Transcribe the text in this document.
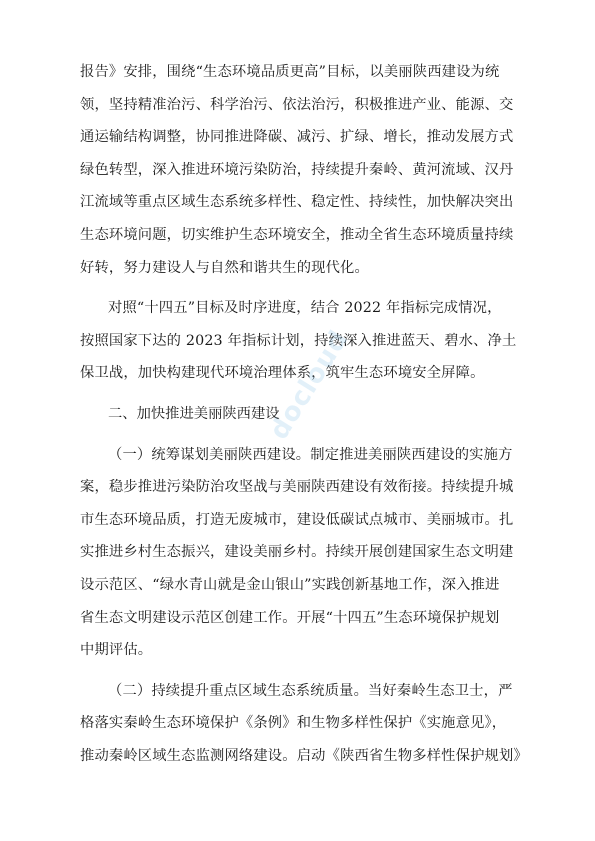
报告》安排，围绕“生态环境品质更高”目标，以美丽陕西建设为统
领，坚持精准治污、科学治污、依法治污，积极推进产业、能源、交
通运输结构调整，协同推进降碳、减污、扩绿、增长，推动发展方式
绿色转型，深入推进环境污染防治，持续提升秦岭、黄河流域、汉丹
江流域等重点区域生态系统多样性、稳定性、持续性，加快解决突出
生态环境问题，切实维护生态环境安全，推动全省生态环境质量持续
好转，努力建设人与自然和谐共生的现代化。
对照“十四五”目标及时序进度，结合 2022 年指标完成情况，
按照国家下达的 2023 年指标计划，持续深入推进蓝天、碧水、净土
保卫战，加快构建现代环境治理体系，筑牢生态环境安全屏障。
二、加快推进美丽陕西建设
（一）统筹谋划美丽陕西建设。制定推进美丽陕西建设的实施方
案，稳步推进污染防治攻坚战与美丽陕西建设有效衔接。持续提升城
市生态环境品质，打造无废城市，建设低碳试点城市、美丽城市。扎
实推进乡村生态振兴，建设美丽乡村。持续开展创建国家生态文明建
设示范区、“绿水青山就是金山银山”实践创新基地工作，深入推进
省生态文明建设示范区创建工作。开展“十四五”生态环境保护规划
中期评估。
（二）持续提升重点区域生态系统质量。当好秦岭生态卫士，严
格落实秦岭生态环境保护《条例》和生物多样性保护《实施意见》，
推动秦岭区域生态监测网络建设。启动《陕西省生物多样性保护规划》
docloud
